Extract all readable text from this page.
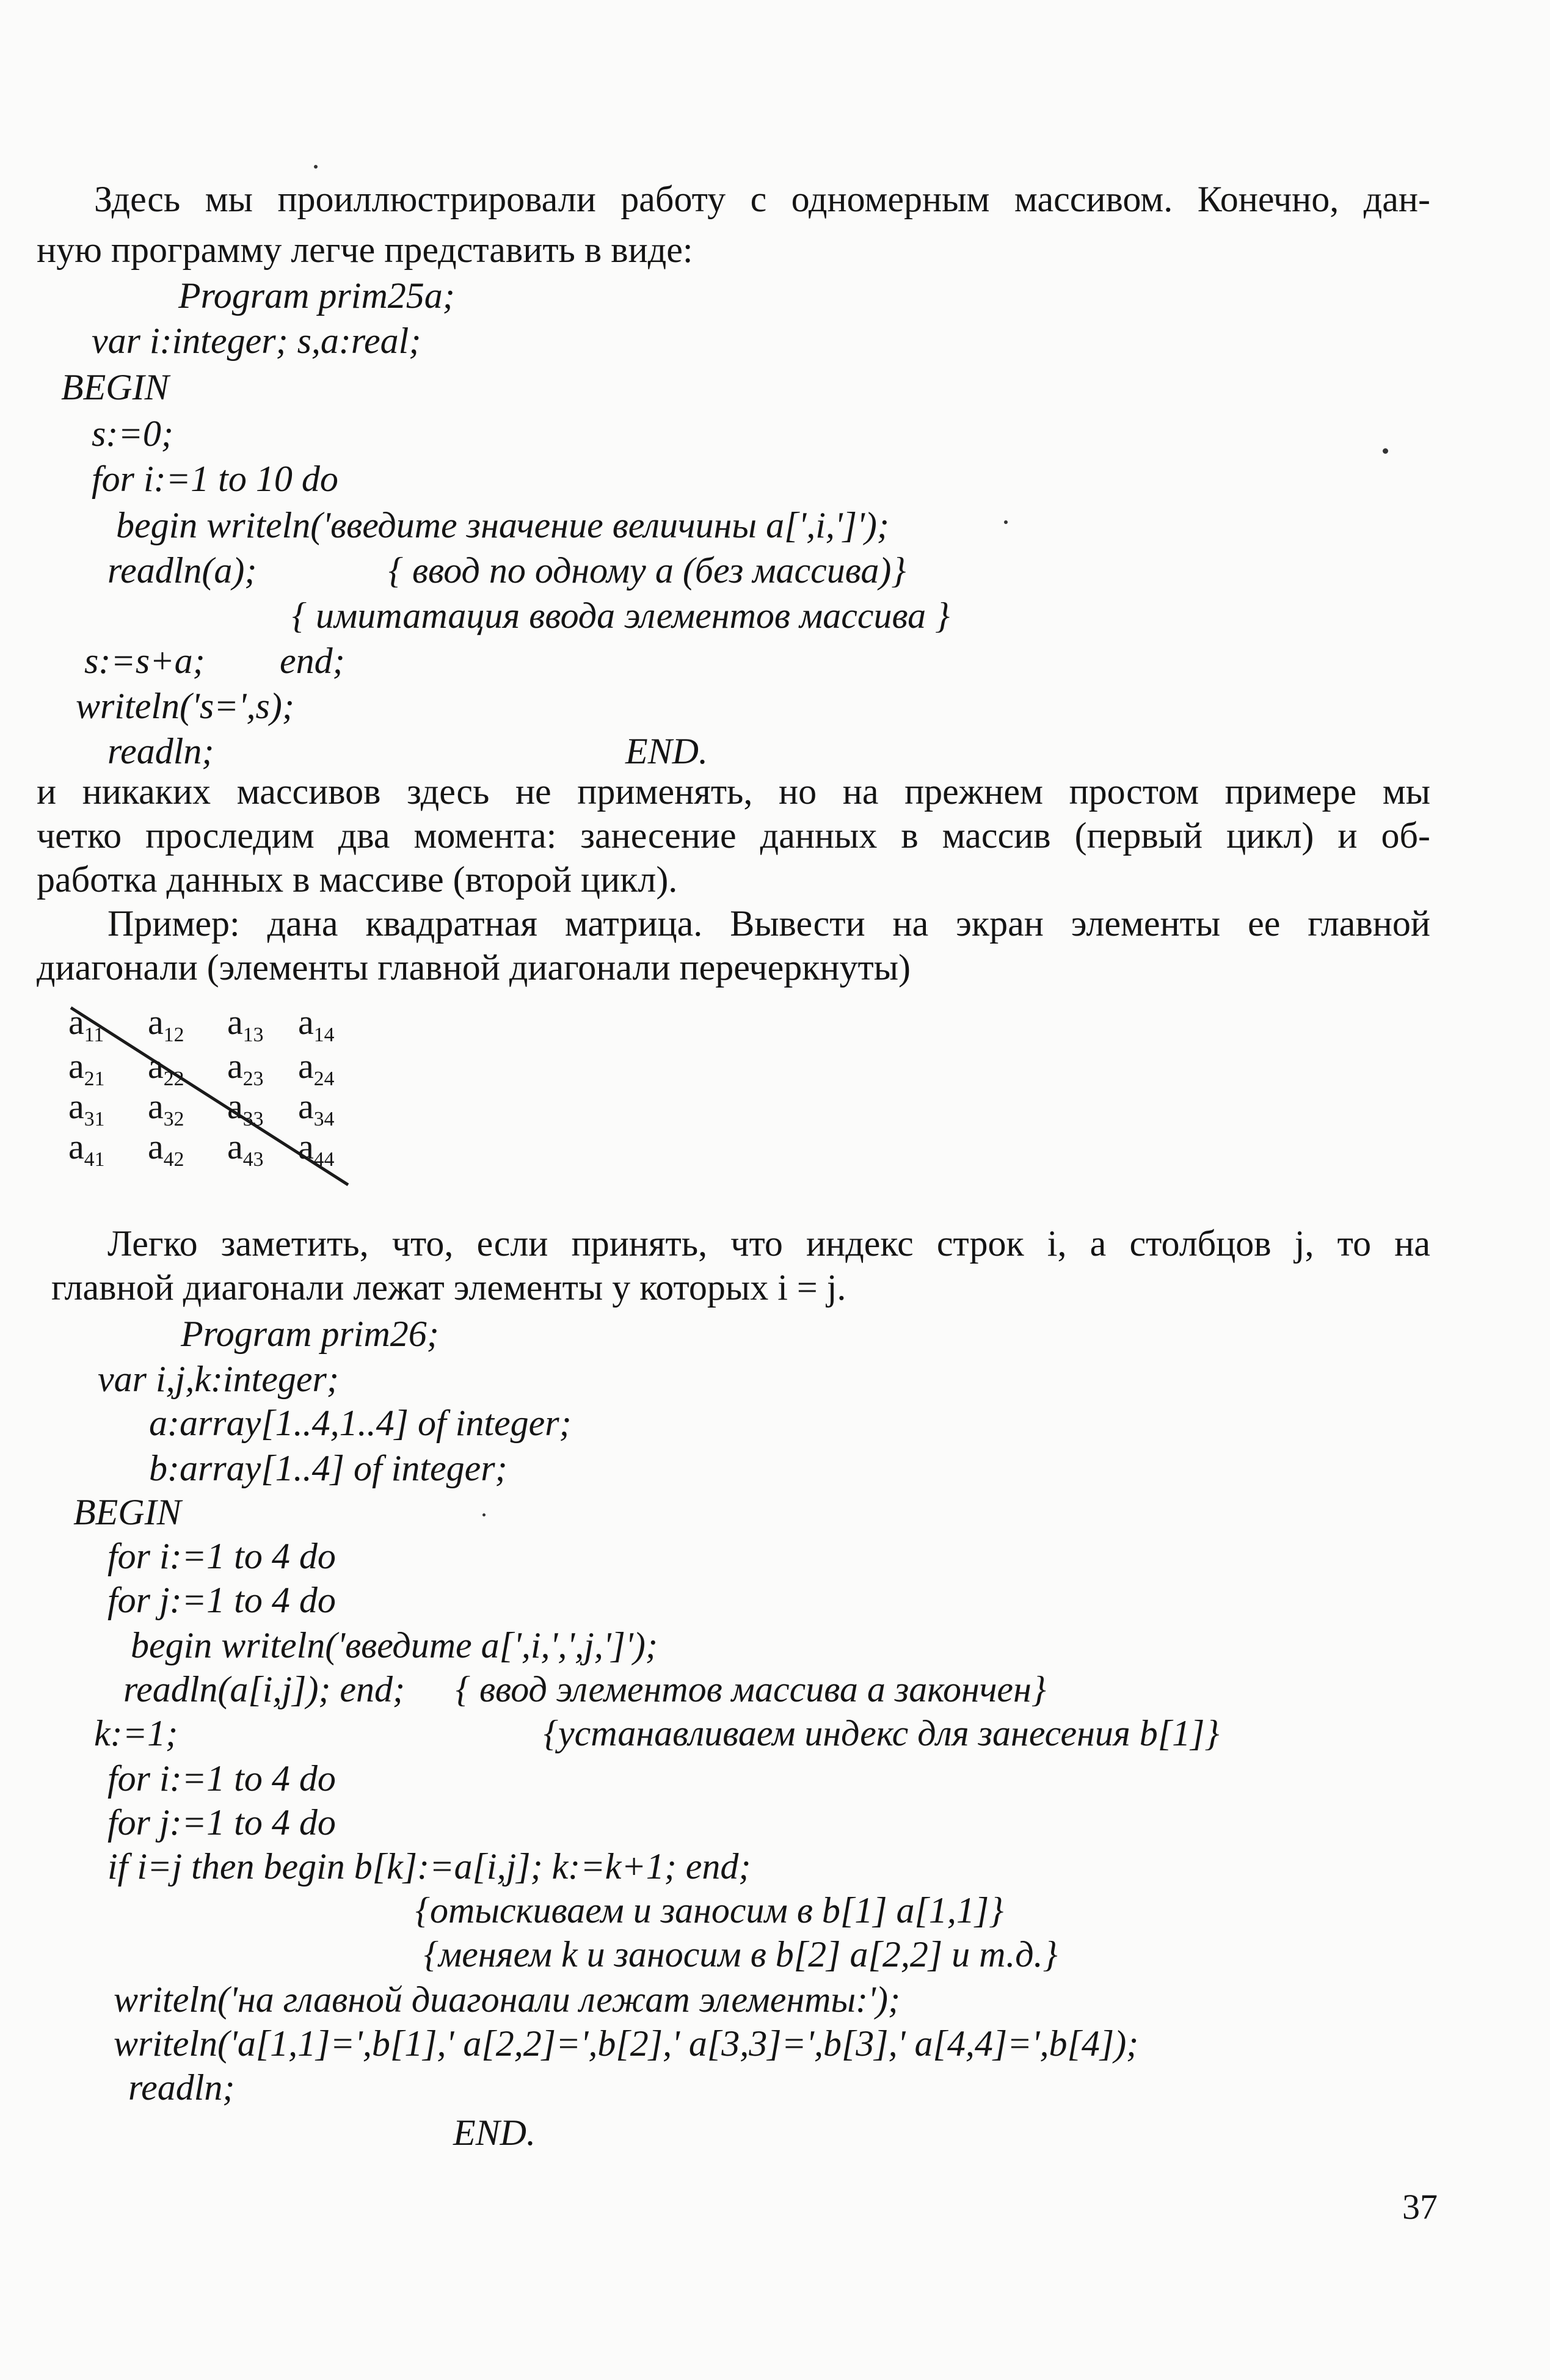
Здесь мы проиллюстрировали работу с одномерным массивом. Конечно, дан-
ную программу легче представить в виде:
Program prim25a;
var i:integer; s,a:real;
BEGIN
s:=0;
for i:=1 to 10 do
begin writeln('введите значение величины a[',i,']');
readln(a);	{ ввод по одному a (без массива)}
{ имитатация ввода элементов массива }
s:=s+a; end;
writeln('s=',s);
readln;	END.
и никаких массивов здесь не применять, но на прежнем простом примере мы
четко проследим два момента: занесение данных в массив (первый цикл) и об-
работка данных в массиве (второй цикл).
Пример: дана квадратная матрица. Вывести на экран элементы ее главной
диагонали (элементы главной диагонали перечеркнуты)
$a_{11}$ $a_{12}$ $a_{13}$ $a_{14}$
$a_{21}$ $a_{22}$ $a_{23}$ $a_{24}$
$a_{31}$ $a_{32}$ $a_{33}$ $a_{34}$
$a_{41}$ $a_{42}$ $a_{43}$ $a_{44}$
Легко заметить, что, если принять, что индекс строк i, а столбцов j, то на
главной диагонали лежат элементы у которых i = j.
Program prim26;
var i,j,k:integer;
a:array[1..4,1..4] of integer;
b:array[1..4] of integer;
BEGIN
for i:=1 to 4 do
for j:=1 to 4 do
begin writeln('введите a[',i,',',j,']');
readln(a[i,j]); end; { ввод элементов массива a закончен}
k:=1;	{устанавливаем индекс для занесения b[1]}
for i:=1 to 4 do
for j:=1 to 4 do
if i=j then begin b[k]:=a[i,j]; k:=k+1; end;
{отыскиваем и заносим в b[1] a[1,1]}
{меняем k и заносим в b[2] a[2,2] и т.д.}
writeln('на главной диагонали лежат элементы:');
writeln('a[1,1]=',b[1],' a[2,2]=',b[2],' a[3,3]=',b[3],' a[4,4]=',b[4]);
readln;
END.
37
